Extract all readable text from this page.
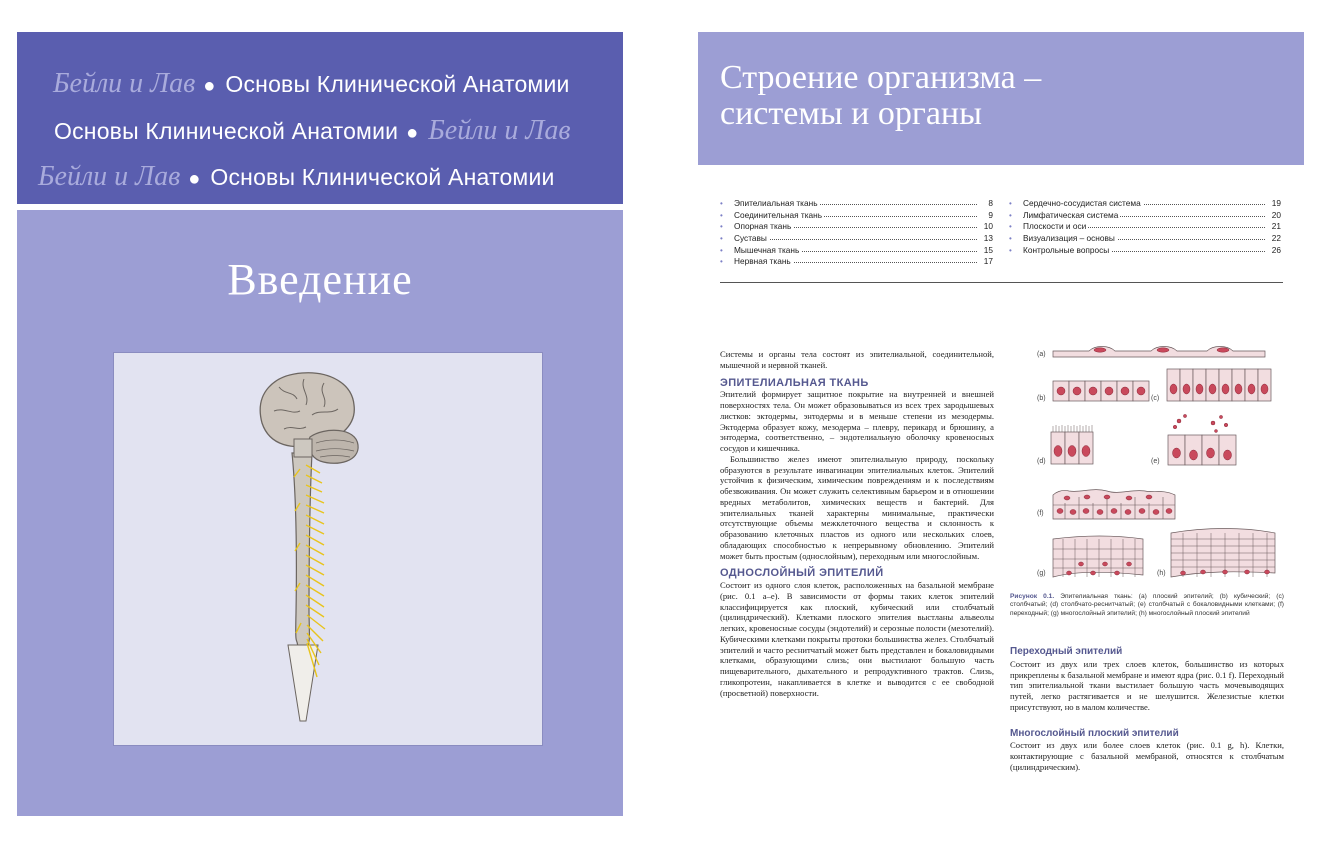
Бейли и Лав ● Основы Клинической Анатомии
Основы Клинической Анатомии ● Бейли и Лав
Бейли и Лав ● Основы Клинической Анатомии
Введение
Строение организма –
системы и органы
• Эпителиальная ткань	8
• Соединительная ткань	9
• Опорная ткань	10
• Суставы	13
• Мышечная ткань	15
• Нервная ткань	17
• Сердечно-сосудистая система	19
• Лимфатическая система	20
• Плоскости и оси	21
• Визуализация – основы	22
• Контрольные вопросы	26

Системы и органы тела состоят из эпителиальной, соединительной, мышечной и нервной тканей.

ЭПИТЕЛИАЛЬНАЯ ТКАНЬ

Эпителий формирует защитное покрытие на внутренней и внешней поверхностях тела. Он может образовываться из всех трех зародышевых листков: эктодермы, энтодермы и в меньше степени из мезодермы. Эктодерма образует кожу, мезодерма – плевру, перикард и брюшину, а энтодерма, соответственно, – эндотелиальную оболочку кровеносных сосудов и кишечника.

Большинство желез имеют эпителиальную природу, поскольку образуются в результате инвагинации эпителиальных клеток. Эпителий устойчив к физическим, химическим повреждениям и к последствиям обезвоживания. Он может служить селективным барьером и в отношении вредных метаболитов, химических веществ и бактерий. Для эпителиальных тканей характерны минимальные, практически отсутствующие объемы межклеточного вещества и склонность к образованию клеточных пластов из одного или нескольких слоев, обладающих способностью к непрерывному обновлению. Эпителий может быть простым (однослойным), переходным или многослойным.

ОДНОСЛОЙНЫЙ ЭПИТЕЛИЙ

Состоит из одного слоя клеток, расположенных на базальной мембране (рис. 0.1 a–e). В зависимости от формы таких клеток эпителий классифицируется как плоский, кубический или столбчатый (цилиндрический). Клетками плоского эпителия выстланы альвеолы легких, кровеносные сосуды (эндотелий) и серозные полости (мезотелий). Кубическими клетками покрыты протоки большинства желез. Столбчатый эпителий и часто реснитчатый может быть представлен и бокаловидными клетками, образующими слизь; они выстилают большую часть пищеварительного, дыхательного и репродуктивного трактов. Слизь, гликопротеин, накапливается в клетке и выводится с ее свободной (просветной) поверхности.

(a)
(b)	(c)
(d)	(e)
(f)
(g)	(h)
Рисунок 0.1. Эпителиальная ткань: (a) плоский эпителий; (b) кубический; (c) столбчатый; (d) столбчато-реснитчатый; (e) столбчатый с бокаловидными клетками; (f) переходный; (g) многослойный эпителий; (h) многослойный плоский эпителий
Переходный эпителий

Состоит из двух или трех слоев клеток, большинство из которых прикреплены к базальной мембране и имеют ядра (рис. 0.1 f). Переходный тип эпителиальной ткани выстилает большую часть мочевыводящих путей, легко растягивается и не шелушится. Железистые клетки присутствуют, но в малом количестве.

Многослойный плоский эпителий

Состоит из двух или более слоев клеток (рис. 0.1 g, h). Клетки, контактирующие с базальной мембраной, относятся к столбчатым (цилиндрическим).
